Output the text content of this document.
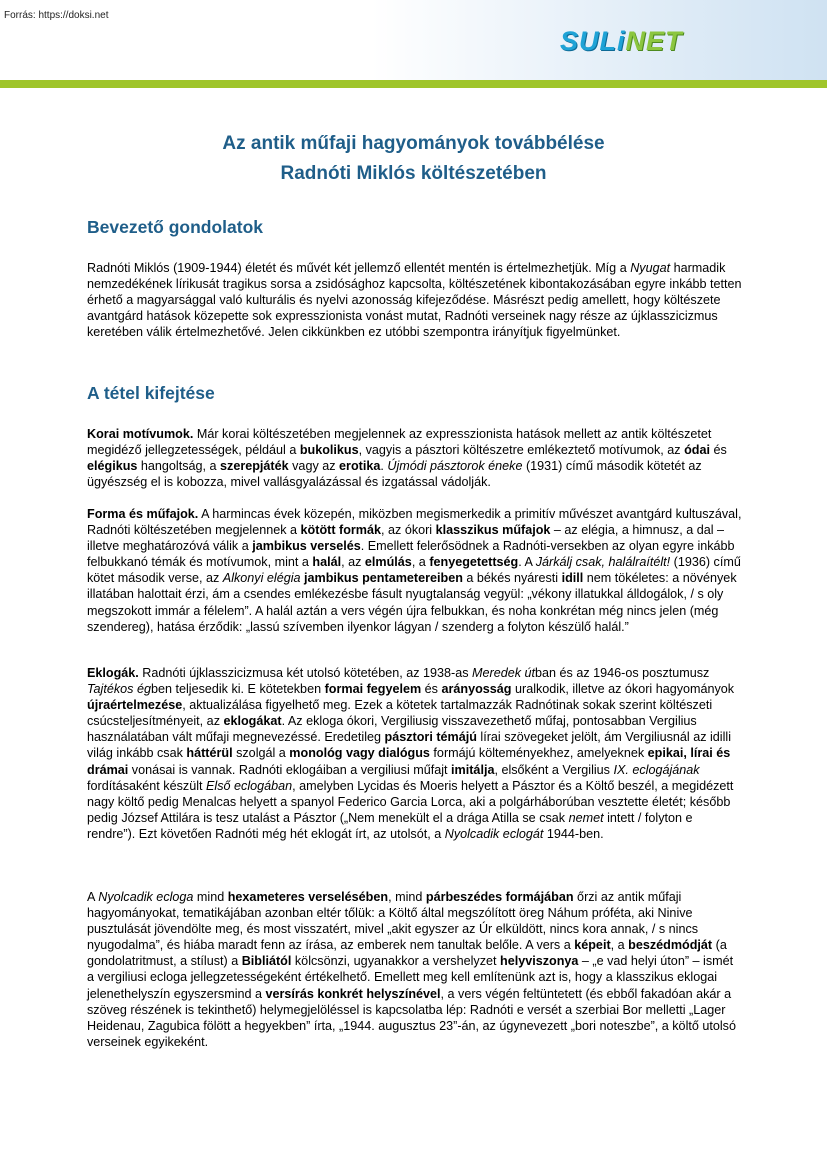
Forrás: https://doksi.net
SULiNET
Az antik műfaji hagyományok továbbélése
Radnóti Miklós költészetében
Bevezető gondolatok
Radnóti Miklós (1909-1944) életét és művét két jellemző ellentét mentén is értelmezhetjük. Míg a Nyugat harmadik nemzedékének lírikusát tragikus sorsa a zsidósághoz kapcsolta, költészetének kibontakozásában egyre inkább tetten érhető a magyarsággal való kulturális és nyelvi azonosság kifejeződése. Másrészt pedig amellett, hogy költészete avantgárd hatások közepette sok expresszionista vonást mutat, Radnóti verseinek nagy része az újklasszicizmus keretében válik értelmezhetővé. Jelen cikkünkben ez utóbbi szempontra irányítjuk figyelmünket.
A tétel kifejtése
Korai motívumok. Már korai költészetében megjelennek az expresszionista hatások mellett az antik költészetet megidéző jellegzetességek, például a bukolikus, vagyis a pásztori költészetre emlékeztető motívumok, az ódai és elégikus hangoltság, a szerepjáték vagy az erotika. Újmódi pásztorok éneke (1931) című második kötetét az ügyészség el is kobozza, mivel vallásgyalázással és izgatással vádolják.
Forma és műfajok. A harmincas évek közepén, miközben megismerkedik a primitív művészet avantgárd kultuszával, Radnóti költészetében megjelennek a kötött formák, az ókori klasszikus műfajok – az elégia, a himnusz, a dal – illetve meghatározóvá válik a jambikus verselés. Emellett felerősödnek a Radnóti-versekben az olyan egyre inkább felbukkanó témák és motívumok, mint a halál, az elmúlás, a fenyegetettség. A Járkálj csak, halálraítélt! (1936) című kötet második verse, az Alkonyi elégia jambikus pentametereiben a békés nyáresti idill nem tökéletes: a növények illatában halottait érzi, ám a csendes emlékezésbe fásult nyugtalanság vegyül: „vékony illatukkal álldogálok, / s oly megszokott immár a félelem”. A halál aztán a vers végén újra felbukkan, és noha konkrétan még nincs jelen (még szendereg), hatása érződik: „lassú szívemben ilyenkor lágyan / szenderg a folyton készülő halál.”
Eklogák. Radnóti újklasszicizmusa két utolsó kötetében, az 1938-as Meredek útban és az 1946-os posztumusz Tajtékos égben teljesedik ki. E kötetekben formai fegyelem és arányosság uralkodik, illetve az ókori hagyományok újraértelmezése, aktualizálása figyelhető meg. Ezek a kötetek tartalmazzák Radnótinak sokak szerint költészeti csúcsteljesítményeit, az eklogákat. Az ekloga ókori, Vergiliusig visszavezethető műfaj, pontosabban Vergilius használatában vált műfaji megnevezéssé. Eredetileg pásztori témájú lírai szövegeket jelölt, ám Vergiliusnál az idilli világ inkább csak háttérül szolgál a monológ vagy dialógus formájú költeményekhez, amelyeknek epikai, lírai és drámai vonásai is vannak. Radnóti eklogáiban a vergiliusi műfajt imitálja, elsőként a Vergilius IX. eclogájának fordításaként készült Első eclogában, amelyben Lycidas és Moeris helyett a Pásztor és a Költő beszél, a megidézett nagy költő pedig Menalcas helyett a spanyol Federico Garcia Lorca, aki a polgárháborúban vesztette életét; később pedig József Attilára is tesz utalást a Pásztor („Nem menekült el a drága Atilla se csak nemet intett / folyton e rendre”). Ezt követően Radnóti még hét eklogát írt, az utolsót, a Nyolcadik eclogát 1944-ben.
A Nyolcadik ecloga mind hexameteres verselésében, mind párbeszédes formájában őrzi az antik műfaji hagyományokat, tematikájában azonban eltér tőlük: a Költő által megszólított öreg Náhum próféta, aki Ninive pusztulását jövendölte meg, és most visszatért, mivel „akit egyszer az Úr elküldött, nincs kora annak, / s nincs nyugodalma”, és hiába maradt fenn az írása, az emberek nem tanultak belőle. A vers a képeit, a beszédmódját (a gondolatritmust, a stílust) a Bibliától kölcsönzi, ugyanakkor a vershelyzet helyviszonya – „e vad helyi úton” – ismét a vergiliusi ecloga jellegzetességeként értékelhető. Emellett meg kell említenünk azt is, hogy a klasszikus eklogai jelenethelyszín egyszersmind a versírás konkrét helyszínével, a vers végén feltüntetett (és ebből fakadóan akár a szöveg részének is tekinthető) helymegjelöléssel is kapcsolatba lép: Radnóti e versét a szerbiai Bor melletti „Lager Heidenau, Zagubica fölött a hegyekben” írta, „1944. augusztus 23”-án, az úgynevezett „bori noteszbe”, a költő utolsó verseinek egyikeként.
